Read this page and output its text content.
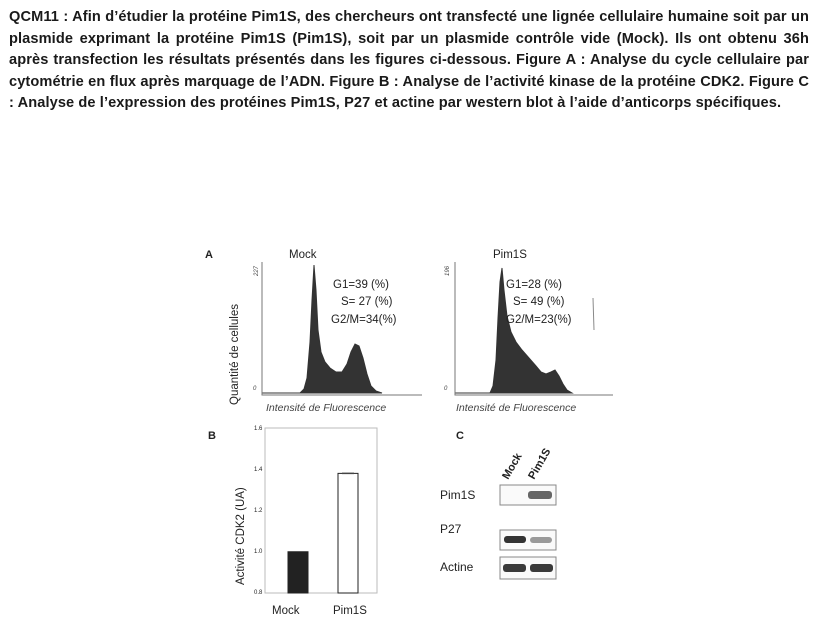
QCM11 : Afin d’étudier la protéine Pim1S, des chercheurs ont transfecté une lignée cellulaire humaine soit par un plasmide exprimant la protéine Pim1S (Pim1S), soit par un plasmide contrôle vide (Mock). Ils ont obtenu 36h après transfection les résultats présentés dans les figures ci-dessous. Figure A : Analyse du cycle cellulaire par cytométrie en flux après marquage de l’ADN. Figure B : Analyse de l’activité kinase de la protéine CDK2. Figure C : Analyse de l’expression des protéines Pim1S, P27 et actine par western blot à l’aide d’anticorps spécifiques.

A
Quantité de cellules
Mock
227
0
G1=39 (%)
S= 27 (%)
G2/M=34(%)
Intensité de Fluorescence
Pim1S
196
0
G1=28 (%)
S= 49 (%)
G2/M=23(%)
Intensité de Fluorescence
B
Activité CDK2 (UA)
1.6
1.4
1.2
1.0
0.8
Mock	Pim1S
C
Mock Pim1S
Pim1S
P27
Actine
